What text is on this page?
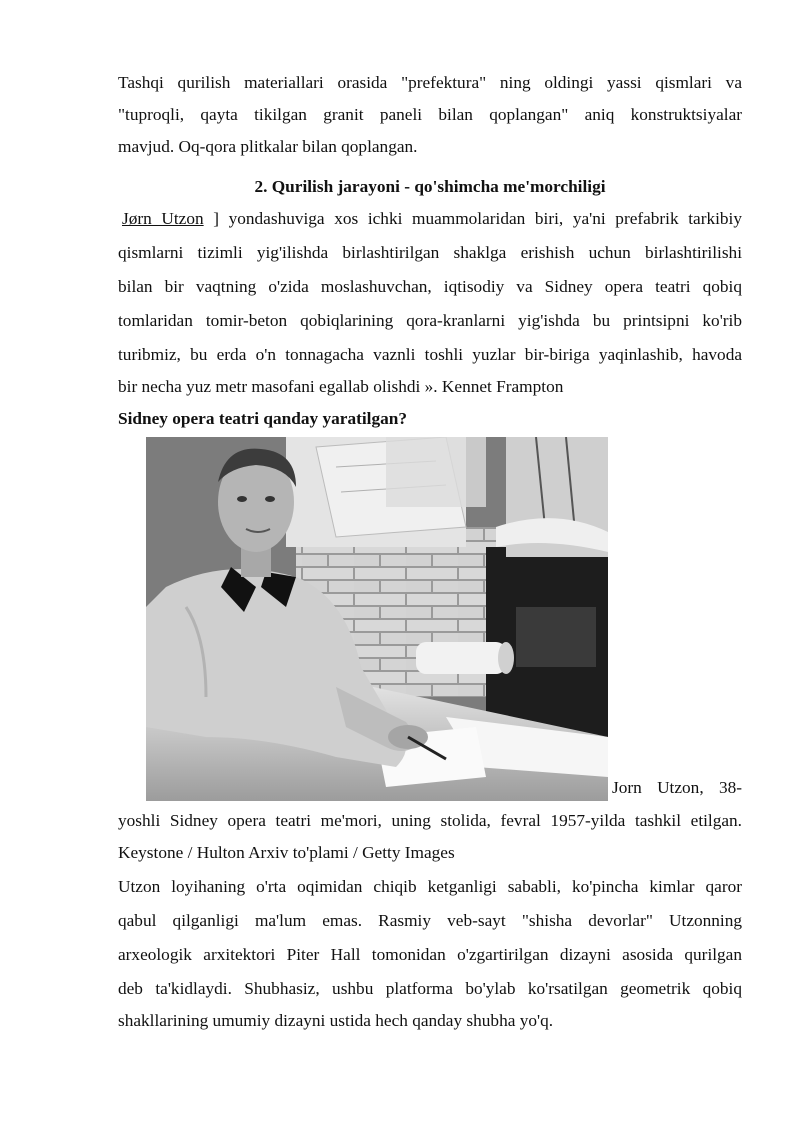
Tashqi qurilish materiallari orasida "prefektura" ning oldingi yassi qismlari va
"tuproqli, qayta tikilgan granit paneli bilan qoplangan" aniq konstruktsiyalar
mavjud. Oq-qora plitkalar bilan qoplangan.
2. Qurilish jarayoni - qo'shimcha me'morchiligi
Jørn Utzon ] yondashuviga xos ichki muammolaridan biri, ya'ni prefabrik tarkibiy
qismlarni tizimli yig'ilishda birlashtirilgan shaklga erishish uchun birlashtirilishi
bilan bir vaqtning o'zida moslashuvchan, iqtisodiy va Sidney opera teatri qobiq
tomlaridan tomir-beton qobiqlarining qora-kranlarni yig'ishda bu printsipni ko'rib
turibmiz, bu erda o'n tonnagacha vaznli toshli yuzlar bir-biriga yaqinlashib, havoda
bir necha yuz metr masofani egallab olishdi ». Kennet Frampton
Sidney opera teatri qanday yaratilgan?
Jorn Utzon, 38-
yoshli Sidney opera teatri me'mori, uning stolida, fevral 1957-yilda tashkil etilgan.
Keystone / Hulton Arxiv to'plami / Getty Images
Utzon loyihaning o'rta oqimidan chiqib ketganligi sababli, ko'pincha kimlar qaror
qabul qilganligi ma'lum emas. Rasmiy veb-sayt "shisha devorlar" Utzonning
arxeologik arxitektori Piter Hall tomonidan o'zgartirilgan dizayni asosida qurilgan
deb ta'kidlaydi. Shubhasiz, ushbu platforma bo'ylab ko'rsatilgan geometrik qobiq
shakllarining umumiy dizayni ustida hech qanday shubha yo'q.
